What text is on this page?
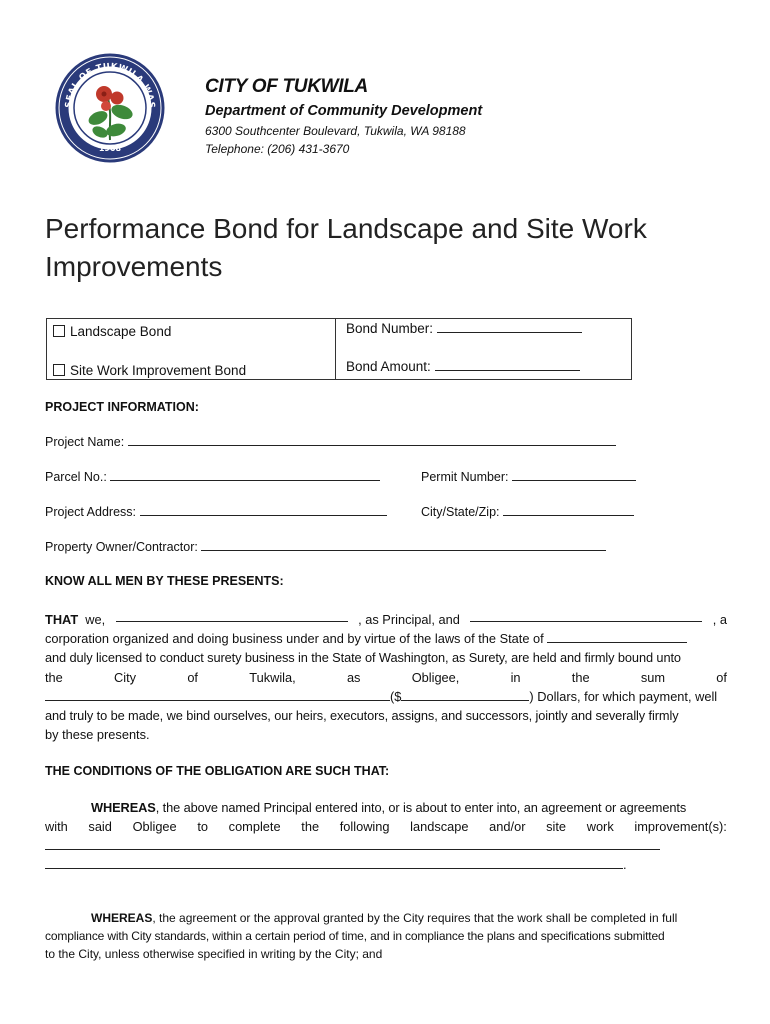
SEAL OF TUKWILA WAS
1908
CITY OF TUKWILA
Department of Community Development
6300 Southcenter Boulevard, Tukwila, WA 98188
Telephone: (206) 431-3670
Performance Bond for Landscape and Site Work Improvements
Landscape Bond
Site Work Improvement Bond
Bond Number:
Bond Amount:
PROJECT INFORMATION:
Project Name:
Parcel No.:	Permit Number:
Project Address:	City/State/Zip:
Property Owner/Contractor:
KNOW ALL MEN BY THESE PRESENTS:
THAT we,	, as Principal, and	, a
corporation organized and doing business under and by virtue of the laws of the State of
and duly licensed to conduct surety business in the State of Washington, as Surety, are held and firmly bound unto
the	City	of	Tukwila,	as	Obligee,	in	the	sum	of
($	) Dollars, for which payment, well
and truly to be made, we bind ourselves, our heirs, executors, assigns, and successors, jointly and severally firmly
by these presents.
THE CONDITIONS OF THE OBLIGATION ARE SUCH THAT:
WHEREAS, the above named Principal entered into, or is about to enter into, an agreement or agreements
with said Obligee to complete the following landscape and/or site work improvement(s):
.
WHEREAS, the agreement or the approval granted by the City requires that the work shall be completed in full
compliance with City standards, within a certain period of time, and in compliance the plans and specifications submitted
to the City, unless otherwise specified in writing by the City; and
